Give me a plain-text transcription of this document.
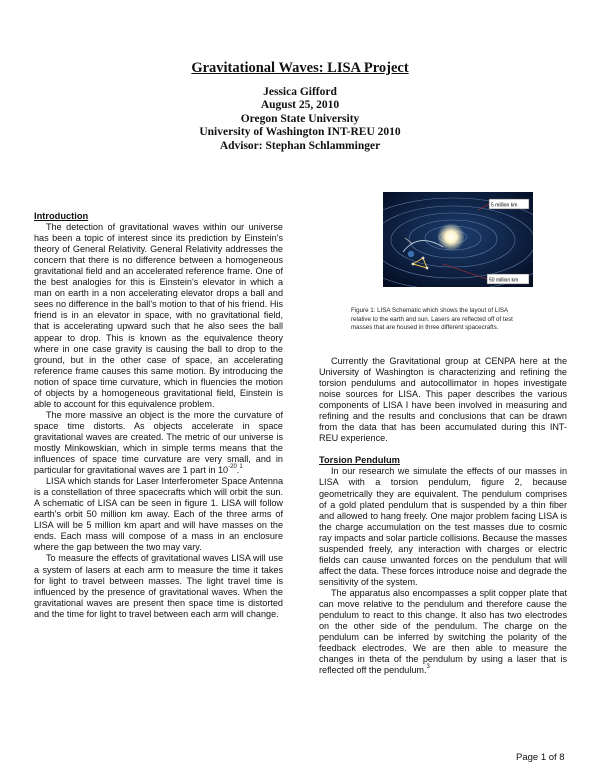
Gravitational Waves: LISA Project
Jessica Gifford
August 25, 2010
Oregon State University
University of Washington INT-REU 2010
Advisor: Stephan Schlamminger

Introduction

The detection of gravitational waves within our universe has been a topic of interest since its prediction by Einstein's theory of General Relativity. General Relativity addresses the concern that there is no difference between a homogeneous gravitational field and an accelerated reference frame. One of the best analogies for this is Einstein's elevator in which a man on earth in a non accelerating elevator drops a ball and sees no difference in the ball's motion to that of his friend. His friend is in an elevator in space, with no gravitational field, that is accelerating upward such that he also sees the ball appear to drop. This is known as the equivalence theory where in one case gravity is causing the ball to drop to the ground, but in the other case of space, an accelerating reference frame causes this same motion. By introducing the notion of space time curvature, which in fluencies the motion of objects by a homogeneous gravitational field, Einstein is able to account for this equivalence problem.

The more massive an object is the more the curvature of space time distorts. As objects accelerate in space gravitational waves are created. The metric of our universe is mostly Minkowskian, which in simple terms means that the influences of space time curvature are very small, and in particular for gravitational waves are 1 part in $10^{-20}.^1$

LISA which stands for Laser Interferometer Space Antenna is a constellation of three spacecrafts which will orbit the sun. A schematic of LISA can be seen in figure 1. LISA will follow earth's orbit 50 million km away. Each of the three arms of LISA will be 5 million km apart and will have masses on the ends. Each mass will compose of a mass in an enclosure where the gap between the two may vary.

To measure the effects of gravitational waves LISA will use a system of lasers at each arm to measure the time it takes for light to travel between masses. The light travel time is influenced by the presence of gravitational waves. When the gravitational waves are present then space time is distorted and the time for light to travel between each arm will change.

5 million km
50 million km
Figure 1: LISA Schematic which shows the layout of LISA relative to the earth and sun. Lasers are reflected off of test masses that are housed in three different spacecrafts.

Currently the Gravitational group at CENPA here at the University of Washington is characterizing and refining the torsion pendulums and autocollimator in hopes investigate noise sources for LISA. This paper describes the various components of LISA I have been involved in measuring and refining and the results and conclusions that can be drawn from the data that has been accumulated during this INT-REU experience.

Torsion Pendulum

In our research we simulate the effects of our masses in LISA with a torsion pendulum, figure 2, because geometrically they are equivalent. The pendulum comprises of a gold plated pendulum that is suspended by a thin fiber and allowed to hang freely. One major problem facing LISA is the charge accumulation on the test masses due to cosmic ray impacts and solar particle collisions. Because the masses suspended freely, any interaction with charges or electric fields can cause unwanted forces on the pendulum that will affect the data. These forces introduce noise and degrade the sensitivity of the system.

The apparatus also encompasses a split copper plate that can move relative to the pendulum and therefore cause the pendulum to react to this change. It also has two electrodes on the other side of the pendulum. The charge on the pendulum can be inferred by switching the polarity of the feedback electrodes. We are then able to measure the changes in theta of the pendulum by using a laser that is reflected off the pendulum.$^3$

Page 1 of 8
